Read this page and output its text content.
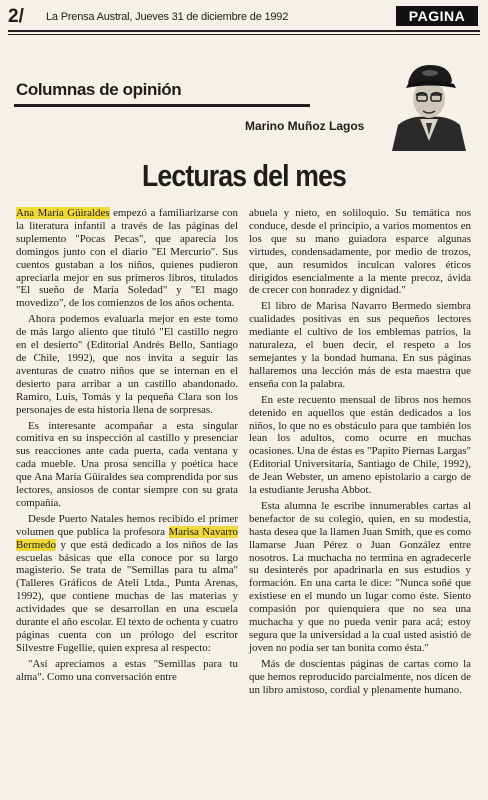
2/ La Prensa Austral, Jueves 31 de diciembre de 1992	PAGINA
Columnas de opinión
Marino Muñoz Lagos
Lecturas del mes

Ana María Güiraldes empezó a familiarizarse con la literatura infantil a través de las páginas del suplemento "Pocas Pecas", que aparecía los domingos junto con el diario "El Mercurio". Sus cuentos gustaban a los niños, quienes pudieron apreciarla mejor en sus primeros libros, titulados "El sueño de María Soledad" y "El mago movedizo", de los comienzos de los años ochenta.

Ahora podemos evaluarla mejor en este tomo de más largo aliento que tituló "El castillo negro en el desierto" (Editorial Andrés Bello, Santiago de Chile, 1992), que nos invita a seguir las aventuras de cuatro niños que se internan en el desierto para arribar a un castillo abandonado. Ramiro, Luis, Tomás y la pequeña Clara son los personajes de esta historia llena de sorpresas.

Es interesante acompañar a esta singular comitiva en su inspección al castillo y presenciar sus reacciones ante cada puerta, cada ventana y cada mueble. Una prosa sencilla y poética hace que Ana María Güiraldes sea comprendida por sus lectores, ansiosos de contar siempre con su grata compañía.

Desde Puerto Natales hemos recibido el primer volumen que publica la profesora Marisa Navarro Bermedo y que está dedicado a los niños de las escuelas básicas que ella conoce por su largo magisterio. Se trata de "Semillas para tu alma" (Talleres Gráficos de Atelí Ltda., Punta Arenas, 1992), que contiene muchas de las materias y actividades que se desarrollan en una escuela durante el año escolar. El texto de ochenta y cuatro páginas cuenta con un prólogo del escritor Silvestre Fugellie, quien expresa al respecto:

"Así apreciamos a estas "Semillas para tu alma". Como una conversación entre

abuela y nieto, en soliloquio. Su temática nos conduce, desde el principio, a varios momentos en los que su mano guiadora esparce algunas virtudes, condensadamente, por medio de trozos, que, aun resumidos inculcan valores éticos dirigidos esencialmente a la mente precoz, ávida de crecer con honradez y dignidad."

El libro de Marisa Navarro Bermedo siembra cualidades positivas en sus pequeños lectores mediante el cultivo de los emblemas patrios, la naturaleza, el buen decir, el respeto a los semejantes y la bondad humana. En sus páginas hallaremos una lección más de esta maestra que enseña con la palabra.

En este recuento mensual de libros nos hemos detenido en aquellos que están dedicados a los niños, lo que no es obstáculo para que también los lean los adultos, como ocurre en muchas ocasiones. Una de éstas es "Papito Piernas Largas" (Editorial Universitaria, Santiago de Chile, 1992), de Jean Webster, un ameno epistolario a cargo de la estudiante Jerusha Abbot.

Esta alumna le escribe innumerables cartas al benefactor de su colegio, quien, en su modestia, hasta desea que la llamen Juan Smith, que es como llamarse Juan Pérez o Juan González entre nosotros. La muchacha no termina en agradecerle su desinterés por apadrinarla en sus estudios y formación. En una carta le dice: "Nunca soñé que existiese en el mundo un lugar como éste. Siento compasión por quienquiera que no sea una muchacha y que no pueda venir para acá; estoy segura que la universidad a la cual usted asistió de joven no podía ser tan bonita como ésta."

Más de doscientas páginas de cartas como la que hemos reproducido parcialmente, nos dicen de un libro amistoso, cordial y plenamente humano.
